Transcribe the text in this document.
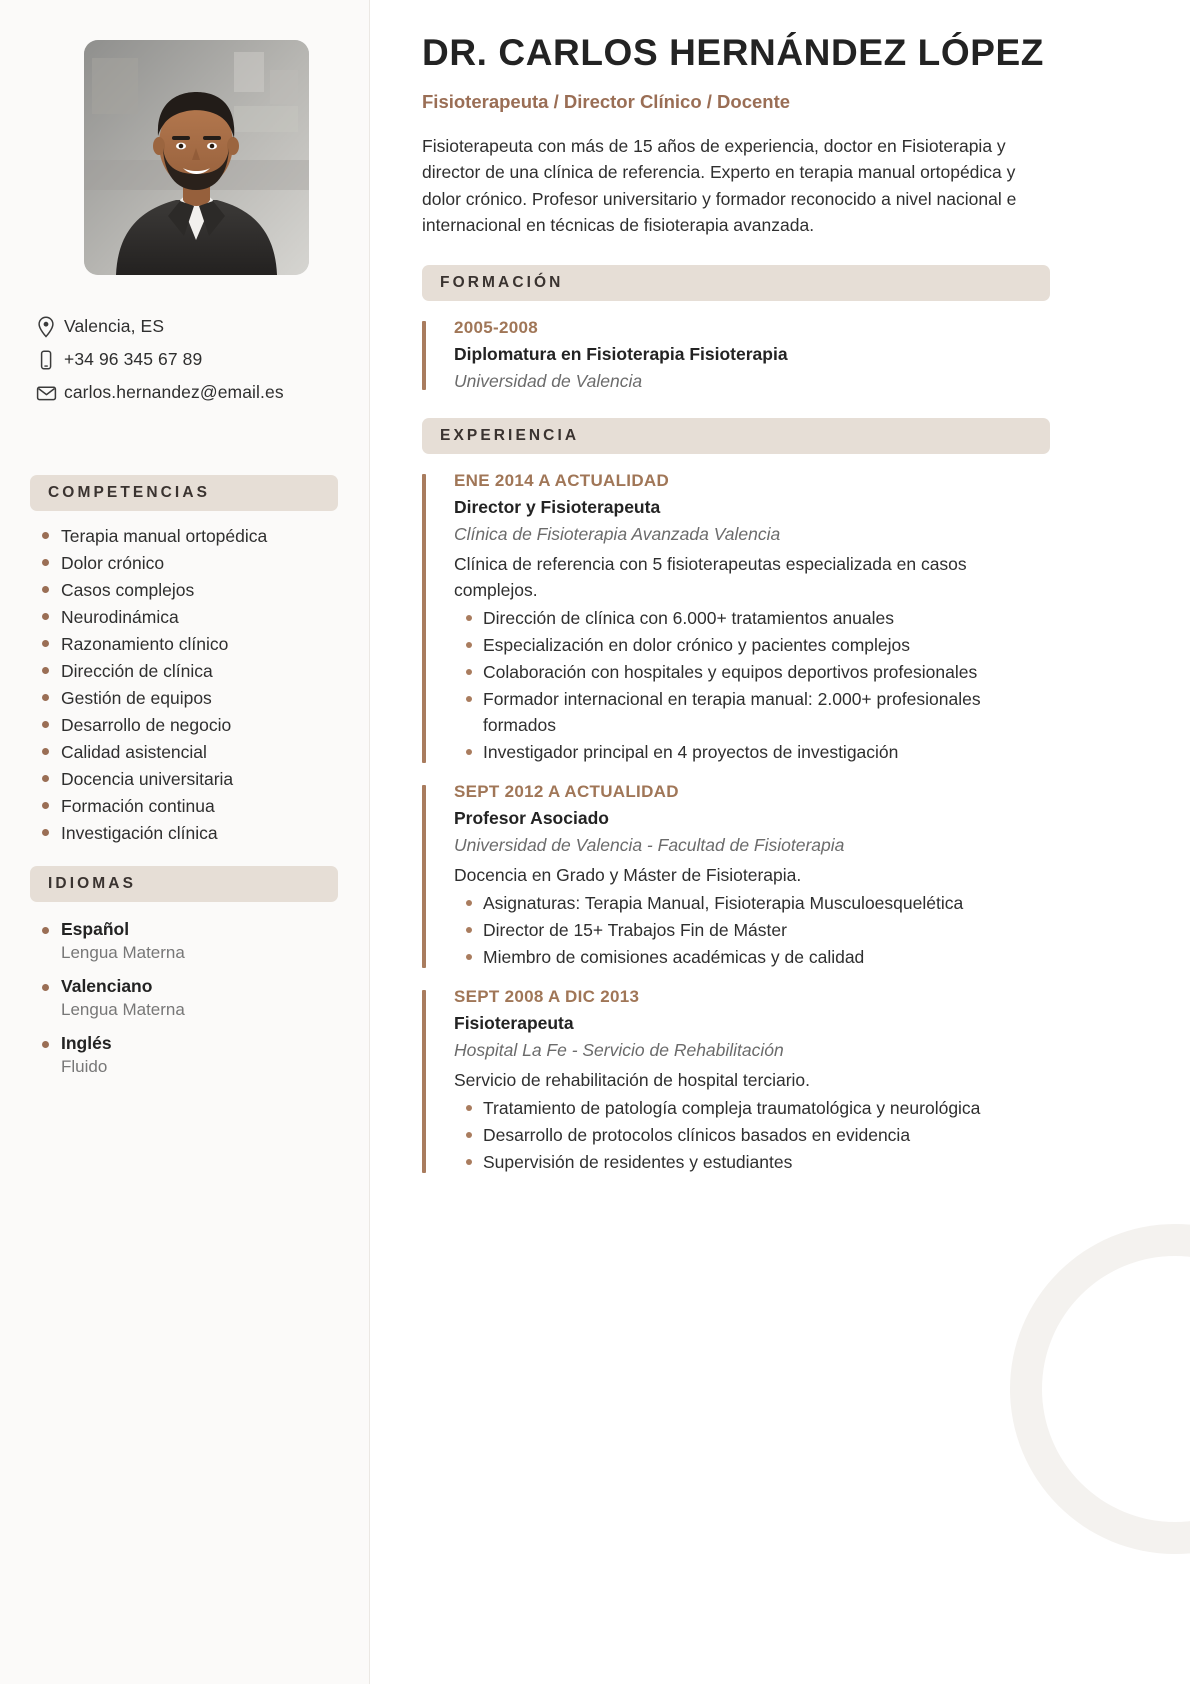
Valencia, ES
+34 96 345 67 89
carlos.hernandez@email.es
COMPETENCIAS
Terapia manual ortopédica
Dolor crónico
Casos complejos
Neurodinámica
Razonamiento clínico
Dirección de clínica
Gestión de equipos
Desarrollo de negocio
Calidad asistencial
Docencia universitaria
Formación continua
Investigación clínica
IDIOMAS
Español
Lengua Materna
Valenciano
Lengua Materna
Inglés
Fluido
DR. CARLOS HERNÁNDEZ LÓPEZ
Fisioterapeuta / Director Clínico / Docente
Fisioterapeuta con más de 15 años de experiencia, doctor en Fisioterapia y director de una clínica de referencia. Experto en terapia manual ortopédica y dolor crónico. Profesor universitario y formador reconocido a nivel nacional e internacional en técnicas de fisioterapia avanzada.
FORMACIÓN
2005-2008
Diplomatura en Fisioterapia Fisioterapia
Universidad de Valencia
EXPERIENCIA
ENE 2014 A ACTUALIDAD
Director y Fisioterapeuta
Clínica de Fisioterapia Avanzada Valencia
Clínica de referencia con 5 fisioterapeutas especializada en casos complejos.
Dirección de clínica con 6.000+ tratamientos anuales
Especialización en dolor crónico y pacientes complejos
Colaboración con hospitales y equipos deportivos profesionales
Formador internacional en terapia manual: 2.000+ profesionales formados
Investigador principal en 4 proyectos de investigación
SEPT 2012 A ACTUALIDAD
Profesor Asociado
Universidad de Valencia - Facultad de Fisioterapia
Docencia en Grado y Máster de Fisioterapia.
Asignaturas: Terapia Manual, Fisioterapia Musculoesquelética
Director de 15+ Trabajos Fin de Máster
Miembro de comisiones académicas y de calidad
SEPT 2008 A DIC 2013
Fisioterapeuta
Hospital La Fe - Servicio de Rehabilitación
Servicio de rehabilitación de hospital terciario.
Tratamiento de patología compleja traumatológica y neurológica
Desarrollo de protocolos clínicos basados en evidencia
Supervisión de residentes y estudiantes
